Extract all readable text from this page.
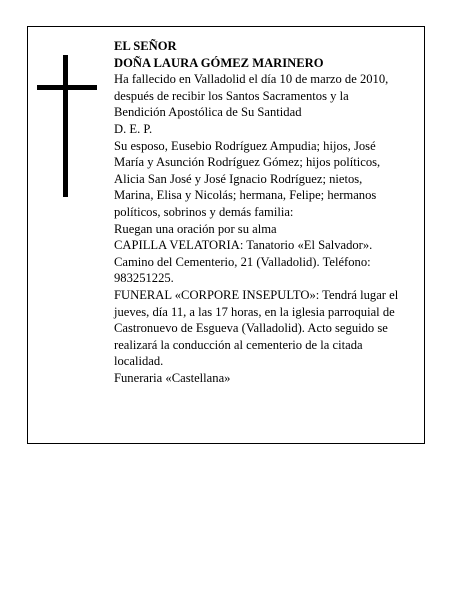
EL SEÑOR

DOÑA LAURA GÓMEZ MARINERO

Ha fallecido en Valladolid el día 10 de marzo de 2010,

después de recibir los Santos Sacramentos y la

Bendición Apostólica de Su Santidad

D. E. P.

Su esposo, Eusebio Rodríguez Ampudia; hijos, José

María y Asunción Rodríguez Gómez; hijos políticos,

Alicia San José y José Ignacio Rodríguez; nietos,

Marina, Elisa y Nicolás; hermana, Felipe; hermanos

políticos, sobrinos y demás familia:

Ruegan una oración por su alma

CAPILLA VELATORIA: Tanatorio «El Salvador».

Camino del Cementerio, 21 (Valladolid). Teléfono:

983251225.

FUNERAL «CORPORE INSEPULTO»: Tendrá lugar el

jueves, día 11, a las 17 horas, en la iglesia parroquial de

Castronuevo de Esgueva (Valladolid). Acto seguido se

realizará la conducción al cementerio de la citada

localidad.

Funeraria «Castellana»
